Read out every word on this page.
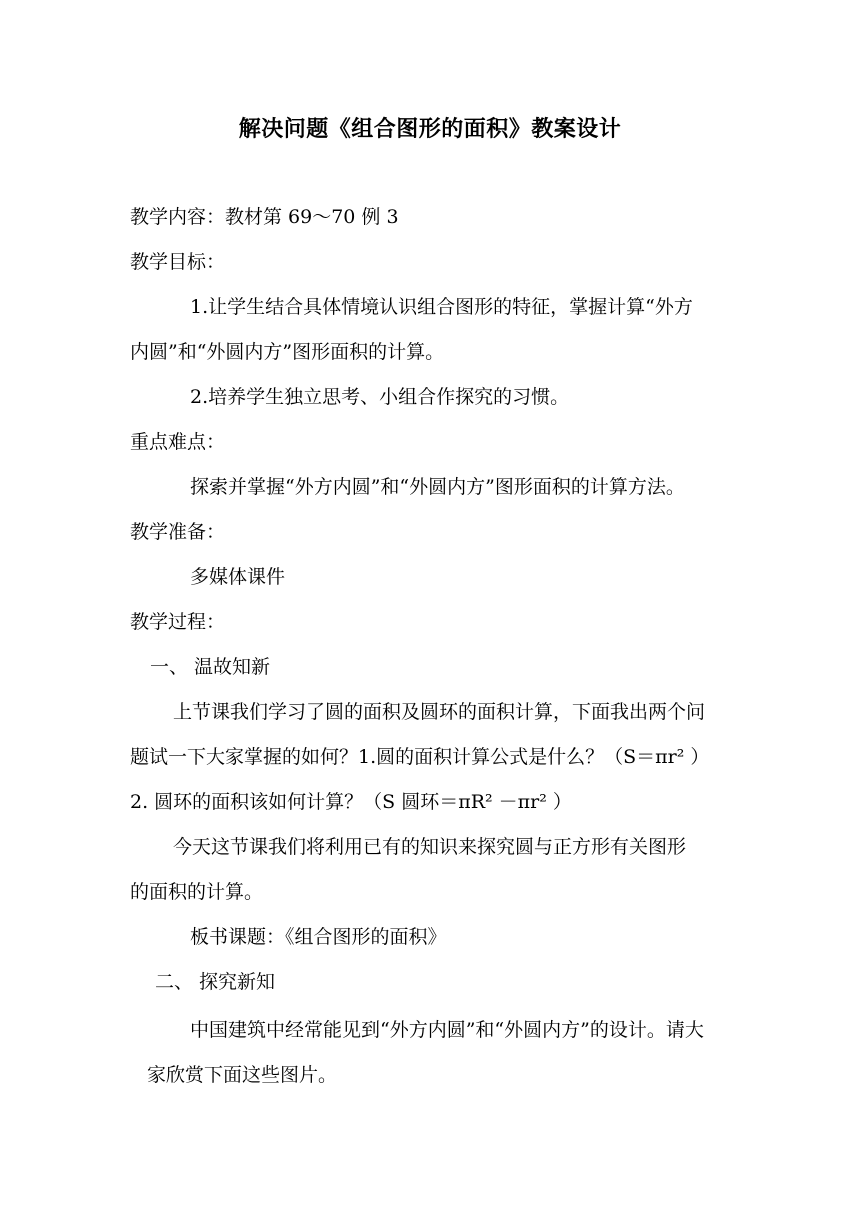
解决问题《组合图形的面积》教案设计
教学内容：教材第 69～70 例 3
教学目标：
1.让学生结合具体情境认识组合图形的特征，掌握计算“外方
内圆”和“外圆内方”图形面积的计算。
2.培养学生独立思考、小组合作探究的习惯。
重点难点：
探索并掌握“外方内圆”和“外圆内方”图形面积的计算方法。
教学准备：
多媒体课件
教学过程：
一、 温故知新
上节课我们学习了圆的面积及圆环的面积计算，下面我出两个问
题试一下大家掌握的如何？1.圆的面积计算公式是什么？（S＝πr² ）
2. 圆环的面积该如何计算？（S 圆环＝πR² －πr² ）
今天这节课我们将利用已有的知识来探究圆与正方形有关图形
的面积的计算。
板书课题：《组合图形的面积》
二、 探究新知
中国建筑中经常能见到“外方内圆”和“外圆内方”的设计。请大
家欣赏下面这些图片。
